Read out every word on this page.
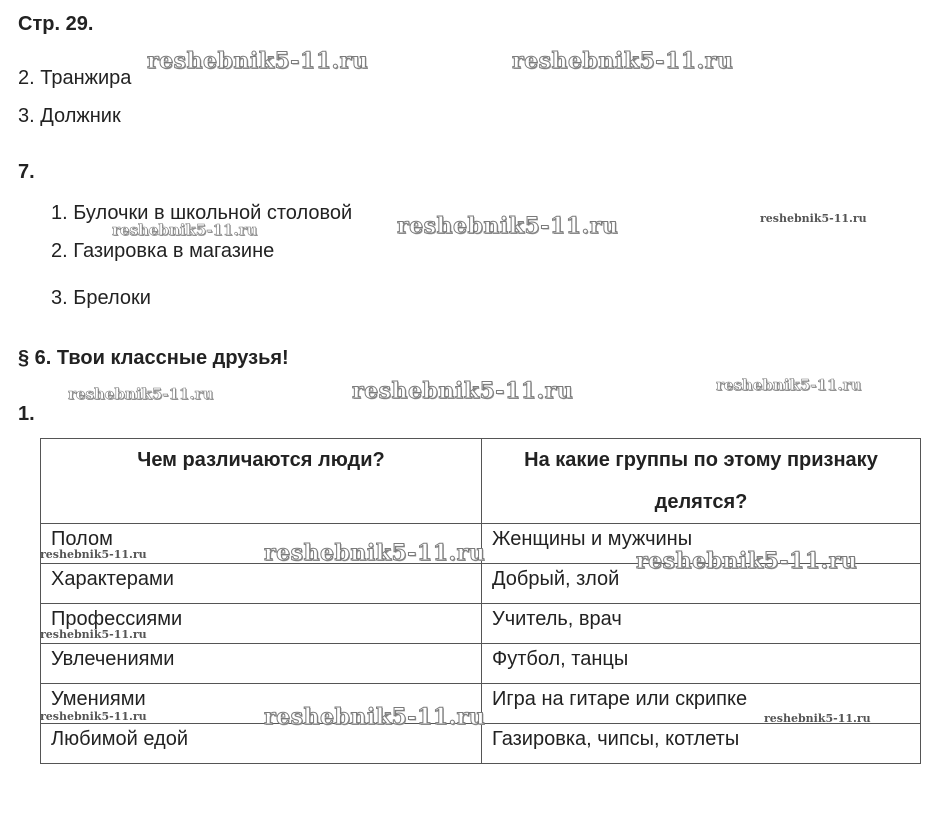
Стр. 29.
2. Транжира
3. Должник
7.
1. Булочки в школьной столовой
2. Газировка в магазине
3. Брелоки
§ 6. Твои классные друзья!
1.
Чем различаются люди?	На какие группы по этому признаку делятся?
Полом	Женщины и мужчины
Характерами	Добрый, злой
Профессиями	Учитель, врач
Увлечениями	Футбол, танцы
Умениями	Игра на гитаре или скрипке
Любимой едой	Газировка, чипсы, котлеты
reshebnik5-11.ru	reshebnik5-11.ru
reshebnik5-11.ru	reshebnik5-11.ru	reshebnik5-11.ru
reshebnik5-11.ru	reshebnik5-11.ru	reshebnik5-11.ru
reshebnik5-11.ru	reshebnik5-11.ru	reshebnik5-11.ru
reshebnik5-11.ru
reshebnik5-11.ru	reshebnik5-11.ru	reshebnik5-11.ru
